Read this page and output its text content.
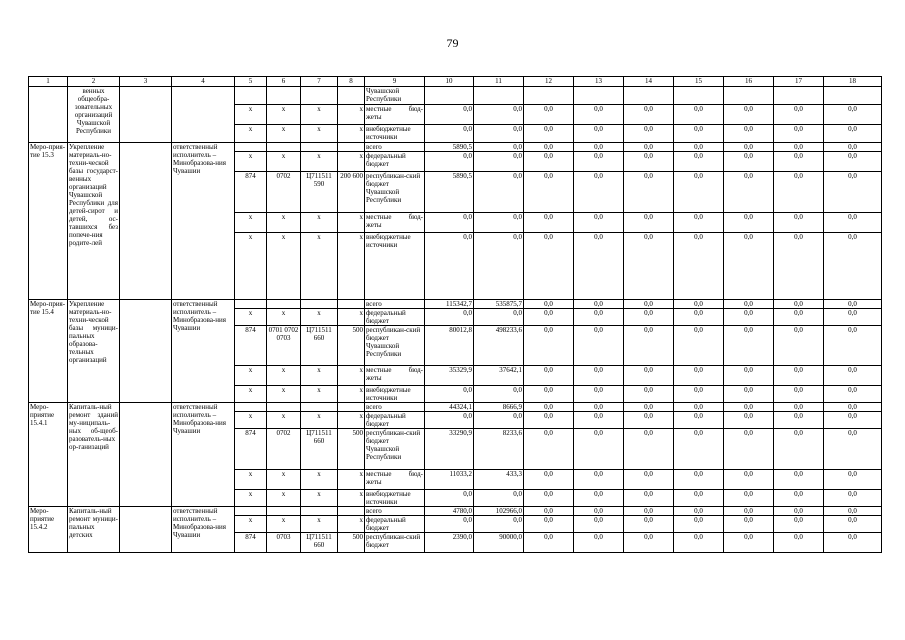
79
1	2	3	4	5	6	7	8	9	10	11	12	13	14	15	16	17	18
	венных общеобра-зовательных организаций Чувашской Республики							Чувашской Республики									
				x	x	x	x	местные бюд-жеты	0,0	0,0	0,0	0,0	0,0	0,0	0,0	0,0	0,0
				x	x	x	x	внебюджетные источники	0,0	0,0	0,0	0,0	0,0	0,0	0,0	0,0	0,0
Меро-прия-тие 15.3	Укрепление материаль-но-техни-ческой базы государст-венных организаций Чувашской Республики для детей-сирот и детей, ос-тавшихся без попече-ния родите-лей		ответственный исполнитель – Минобразова-ния Чувашии					всего	5890,5	0,0	0,0	0,0	0,0	0,0	0,0	0,0	0,0
				x	x	x	x	федеральный бюджет	0,0	0,0	0,0	0,0	0,0	0,0	0,0	0,0	0,0
				874	0702	Ц711511 590	200 600	республикан-ский бюджет Чувашской Республики	5890,5	0,0	0,0	0,0	0,0	0,0	0,0	0,0	0,0
				x	x	x	x	местные бюд-жеты	0,0	0,0	0,0	0,0	0,0	0,0	0,0	0,0	0,0
				x	x	x	x	внебюджетные источники	0,0	0,0	0,0	0,0	0,0	0,0	0,0	0,0	0,0
Меро-прия-тие 15.4	Укрепление материаль-но-техни-ческой базы муници-пальных образова-тельных организаций		ответственный исполнитель – Минобразова-ния Чувашии					всего	115342,7	535875,7	0,0	0,0	0,0	0,0	0,0	0,0	0,0
				x	x	x	x	федеральный бюджет	0,0	0,0	0,0	0,0	0,0	0,0	0,0	0,0	0,0
				874	0701 0702 0703	Ц711511 660	500	республикан-ский бюджет Чувашской Республики	80012,8	498233,6	0,0	0,0	0,0	0,0	0,0	0,0	0,0
				x	x	x	x	местные бюд-жеты	35329,9	37642,1	0,0	0,0	0,0	0,0	0,0	0,0	0,0
				x	x	x	x	внебюджетные источники	0,0	0,0	0,0	0,0	0,0	0,0	0,0	0,0	0,0
Меро-приятие 15.4.1	Капиталь-ный ремонт зданий му-ниципаль-ных об-щеоб-разователь-ных ор-ганизаций		ответственный исполнитель – Минобразова-ния Чувашии					всего	44324,1	8666,9	0,0	0,0	0,0	0,0	0,0	0,0	0,0
				x	x	x	x	федеральный бюджет	0,0	0,0	0,0	0,0	0,0	0,0	0,0	0,0	0,0
				874	0702	Ц711511 660	500	республикан-ский бюджет Чувашской Республики	33290,9	8233,6	0,0	0,0	0,0	0,0	0,0	0,0	0,0
				x	x	x	x	местные бюд-жеты	11033,2	433,3	0,0	0,0	0,0	0,0	0,0	0,0	0,0
				x	x	x	x	внебюджетные источники	0,0	0,0	0,0	0,0	0,0	0,0	0,0	0,0	0,0
Меро-приятие 15.4.2	Капиталь-ный ремонт муници-пальных детских		ответственный исполнитель – Минобразова-ния Чувашии					всего	4780,0	102966,0	0,0	0,0	0,0	0,0	0,0	0,0	0,0
				x	x	x	x	федеральный бюджет	0,0	0,0	0,0	0,0	0,0	0,0	0,0	0,0	0,0
				874	0703	Ц711511 660	500	республикан-ский бюджет	2390,0	90000,0	0,0	0,0	0,0	0,0	0,0	0,0	0,0
